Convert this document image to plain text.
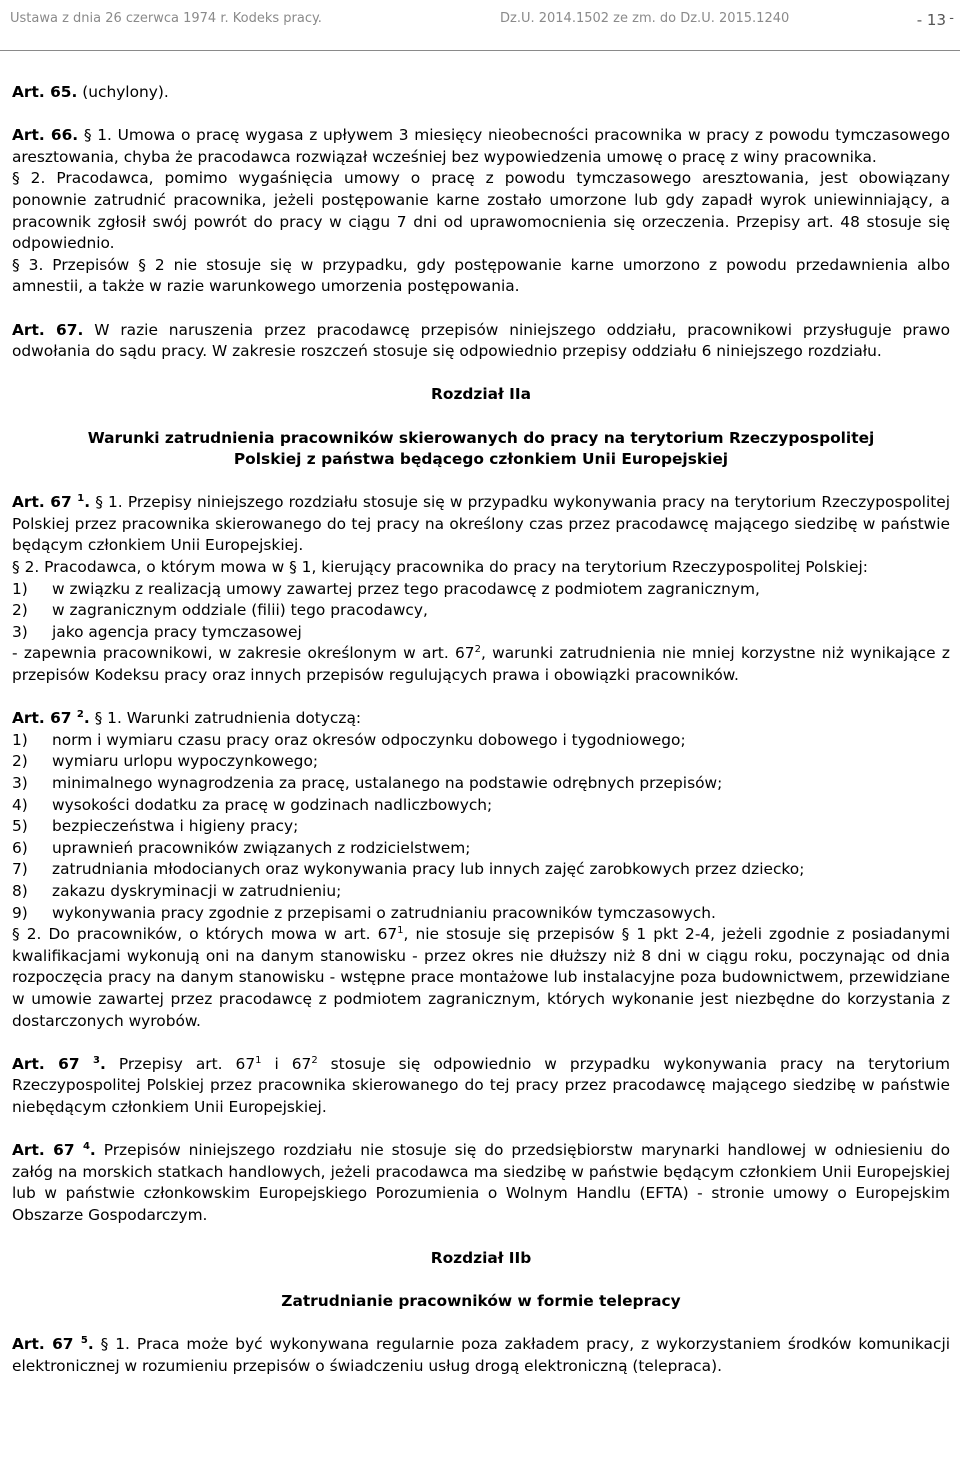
Ustawa z dnia 26 czerwca 1974 r. Kodeks pracy.	Dz.U. 2014.1502 ze zm. do Dz.U. 2015.1240	- 13 -

Art. 65. (uchylony).

Art. 66. § 1. Umowa o pracę wygasa z upływem 3 miesięcy nieobecności pracownika w pracy z powodu tymczasowego aresztowania, chyba że pracodawca rozwiązał wcześniej bez wypowiedzenia umowę o pracę z winy pracownika.

§ 2. Pracodawca, pomimo wygaśnięcia umowy o pracę z powodu tymczasowego aresztowania, jest obowiązany ponownie zatrudnić pracownika, jeżeli postępowanie karne zostało umorzone lub gdy zapadł wyrok uniewinniający, a pracownik zgłosił swój powrót do pracy w ciągu 7 dni od uprawomocnienia się orzeczenia. Przepisy art. 48 stosuje się odpowiednio.

§ 3. Przepisów § 2 nie stosuje się w przypadku, gdy postępowanie karne umorzono z powodu przedawnienia albo amnestii, a także w razie warunkowego umorzenia postępowania.

Art. 67. W razie naruszenia przez pracodawcę przepisów niniejszego oddziału, pracownikowi przysługuje prawo odwołania do sądu pracy. W zakresie roszczeń stosuje się odpowiednio przepisy oddziału 6 niniejszego rozdziału.

Rozdział IIa

Warunki zatrudnienia pracowników skierowanych do pracy na terytorium Rzeczypospolitej
Polskiej z państwa będącego członkiem Unii Europejskiej

Art. 67 $^1$. § 1. Przepisy niniejszego rozdziału stosuje się w przypadku wykonywania pracy na terytorium Rzeczypospolitej Polskiej przez pracownika skierowanego do tej pracy na określony czas przez pracodawcę mającego siedzibę w państwie będącym członkiem Unii Europejskiej.

§ 2. Pracodawca, o którym mowa w § 1, kierujący pracownika do pracy na terytorium Rzeczypospolitej Polskiej:

1)	w związku z realizacją umowy zawartej przez tego pracodawcę z podmiotem zagranicznym,
2)	w zagranicznym oddziale (filii) tego pracodawcy,
3)	jako agencja pracy tymczasowej

- zapewnia pracownikowi, w zakresie określonym w art. $67^2$, warunki zatrudnienia nie mniej korzystne niż wynikające z przepisów Kodeksu pracy oraz innych przepisów regulujących prawa i obowiązki pracowników.

Art. 67 $^2$. § 1. Warunki zatrudnienia dotyczą:

1)	norm i wymiaru czasu pracy oraz okresów odpoczynku dobowego i tygodniowego;
2)	wymiaru urlopu wypoczynkowego;
3)	minimalnego wynagrodzenia za pracę, ustalanego na podstawie odrębnych przepisów;
4)	wysokości dodatku za pracę w godzinach nadliczbowych;
5)	bezpieczeństwa i higieny pracy;
6)	uprawnień pracowników związanych z rodzicielstwem;
7)	zatrudniania młodocianych oraz wykonywania pracy lub innych zajęć zarobkowych przez dziecko;
8)	zakazu dyskryminacji w zatrudnieniu;
9)	wykonywania pracy zgodnie z przepisami o zatrudnianiu pracowników tymczasowych.

§ 2. Do pracowników, o których mowa w art. $67^1$, nie stosuje się przepisów § 1 pkt 2-4, jeżeli zgodnie z posiadanymi kwalifikacjami wykonują oni na danym stanowisku - przez okres nie dłuższy niż 8 dni w ciągu roku, poczynając od dnia rozpoczęcia pracy na danym stanowisku - wstępne prace montażowe lub instalacyjne poza budownictwem, przewidziane w umowie zawartej przez pracodawcę z podmiotem zagranicznym, których wykonanie jest niezbędne do korzystania z dostarczonych wyrobów.

Art. 67 $^3$. Przepisy art. $67^1$ i $67^2$ stosuje się odpowiednio w przypadku wykonywania pracy na terytorium Rzeczypospolitej Polskiej przez pracownika skierowanego do tej pracy przez pracodawcę mającego siedzibę w państwie niebędącym członkiem Unii Europejskiej.

Art. 67 $^4$. Przepisów niniejszego rozdziału nie stosuje się do przedsiębiorstw marynarki handlowej w odniesieniu do załóg na morskich statkach handlowych, jeżeli pracodawca ma siedzibę w państwie będącym członkiem Unii Europejskiej lub w państwie członkowskim Europejskiego Porozumienia o Wolnym Handlu (EFTA) - stronie umowy o Europejskim Obszarze Gospodarczym.

Rozdział IIb

Zatrudnianie pracowników w formie telepracy

Art. 67 $^5$. § 1. Praca może być wykonywana regularnie poza zakładem pracy, z wykorzystaniem środków komunikacji elektronicznej w rozumieniu przepisów o świadczeniu usług drogą elektroniczną (telepraca).
